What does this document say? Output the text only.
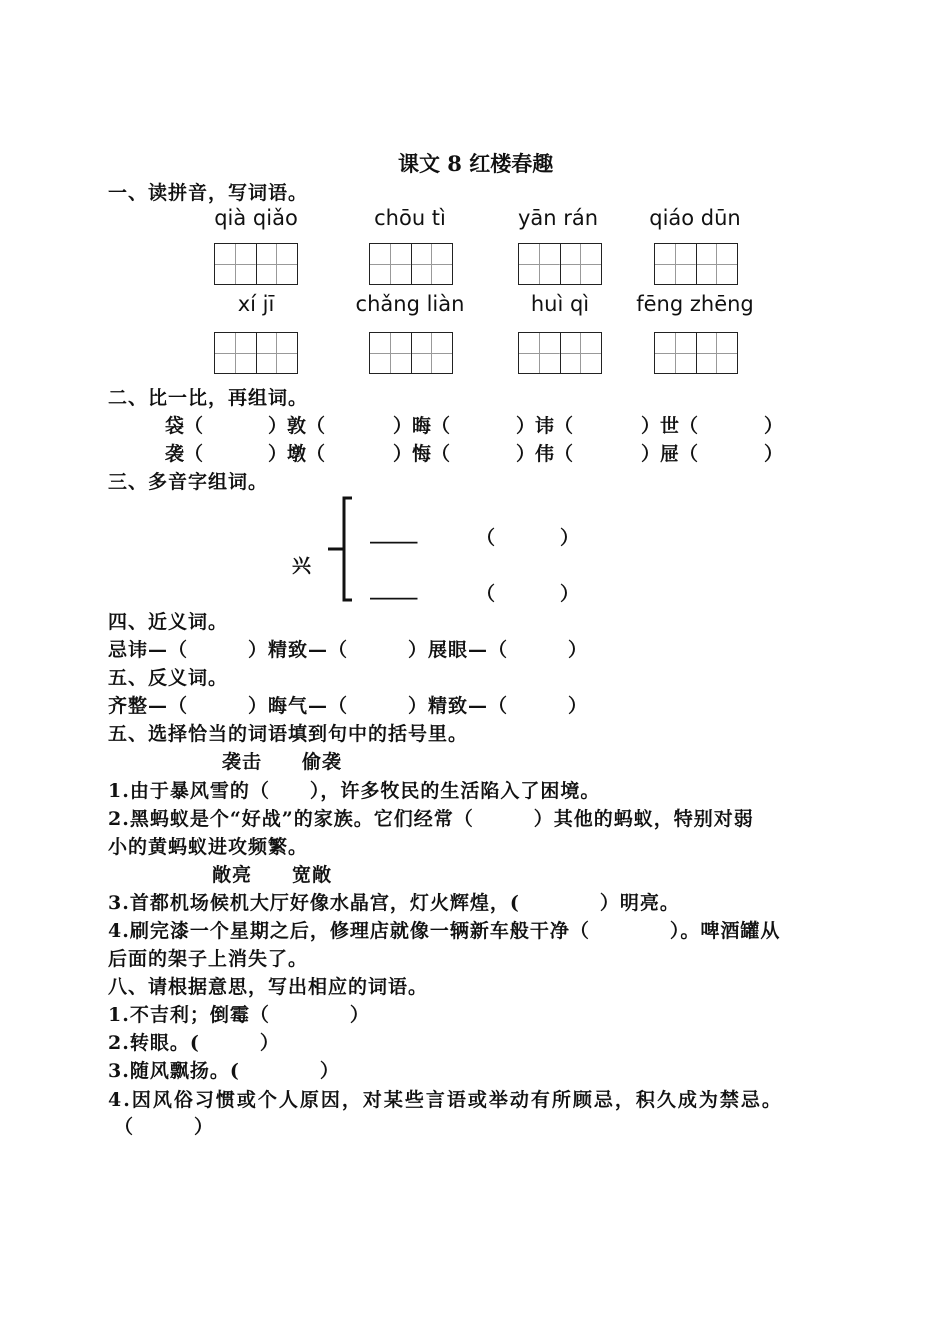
课文 8 红楼春趣
一、读拼音，写词语。
qià qiǎo	chōu tì	yān rán	qiáo dūn
xí jī	chǎng liàn	huì qì	fēng zhēng
二、比一比，再组词。
袋（	）敦（	）晦（	）讳（	）世（	）
袭（	）墩（	）悔（	）伟（	）屉（	）
三、多音字组词。
兴
_____	（	）
_____	（	）
四、近义词。
忌讳—（　　　）精致—（　　　）展眼—（　　　）
五、反义词。
齐整—（　　　）晦气—（　　　）精致—（　　　）
五、选择恰当的词语填到句中的括号里。
袭击　　偷袭
1.由于暴风雪的（　　），许多牧民的生活陷入了困境。
2.黑蚂蚁是个“好战”的家族。它们经常（　　　）其他的蚂蚁，特别对弱
小的黄蚂蚁进攻频繁。
敞亮　　宽敞
3.首都机场候机大厅好像水晶宫，灯火辉煌，(　　　　）明亮。
4.刷完漆一个星期之后，修理店就像一辆新车般干净（　　　　）。啤酒罐从
后面的架子上消失了。
八、请根据意思，写出相应的词语。
1.不吉利；倒霉（　　　　）
2.转眼。(　　　）
3.随风飘扬。(　　　　）
4.因风俗习惯或个人原因，对某些言语或举动有所顾忌，积久成为禁忌。
（　　　）
